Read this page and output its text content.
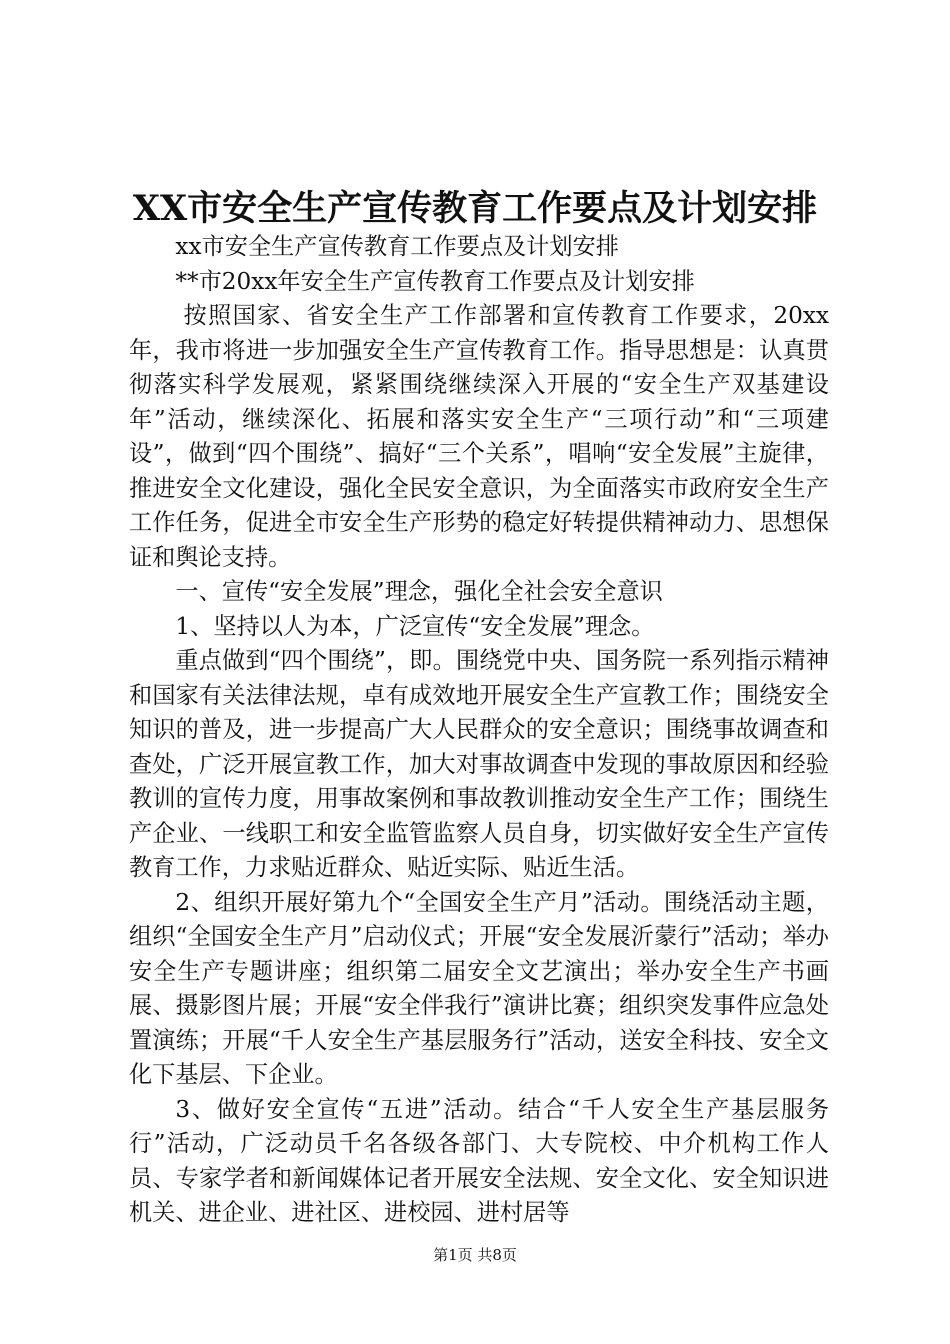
XX市安全生产宣传教育工作要点及计划安排

xx市安全生产宣传教育工作要点及计划安排

**市20xx年安全生产宣传教育工作要点及计划安排

按照国家、省安全生产工作部署和宣传教育工作要求，20xx年，我市将进一步加强安全生产宣传教育工作。指导思想是：认真贯彻落实科学发展观，紧紧围绕继续深入开展的“安全生产双基建设年”活动，继续深化、拓展和落实安全生产“三项行动”和“三项建设”，做到“四个围绕”、搞好“三个关系”，唱响“安全发展”主旋律，推进安全文化建设，强化全民安全意识，为全面落实市政府安全生产工作任务，促进全市安全生产形势的稳定好转提供精神动力、思想保证和舆论支持。

一、宣传“安全发展”理念，强化全社会安全意识

1、坚持以人为本，广泛宣传“安全发展”理念。

重点做到“四个围绕”，即。围绕党中央、国务院一系列指示精神和国家有关法律法规，卓有成效地开展安全生产宣教工作；围绕安全知识的普及，进一步提高广大人民群众的安全意识；围绕事故调查和查处，广泛开展宣教工作，加大对事故调查中发现的事故原因和经验教训的宣传力度，用事故案例和事故教训推动安全生产工作；围绕生产企业、一线职工和安全监管监察人员自身，切实做好安全生产宣传教育工作，力求贴近群众、贴近实际、贴近生活。

2、组织开展好第九个“全国安全生产月”活动。围绕活动主题，组织“全国安全生产月”启动仪式；开展“安全发展沂蒙行”活动；举办安全生产专题讲座；组织第二届安全文艺演出；举办安全生产书画展、摄影图片展；开展“安全伴我行”演讲比赛；组织突发事件应急处置演练；开展“千人安全生产基层服务行”活动，送安全科技、安全文化下基层、下企业。

3、做好安全宣传“五进”活动。结合“千人安全生产基层服务行”活动，广泛动员千名各级各部门、大专院校、中介机构工作人员、专家学者和新闻媒体记者开展安全法规、安全文化、安全知识进机关、进企业、进社区、进校园、进村居等

第1页 共8页
